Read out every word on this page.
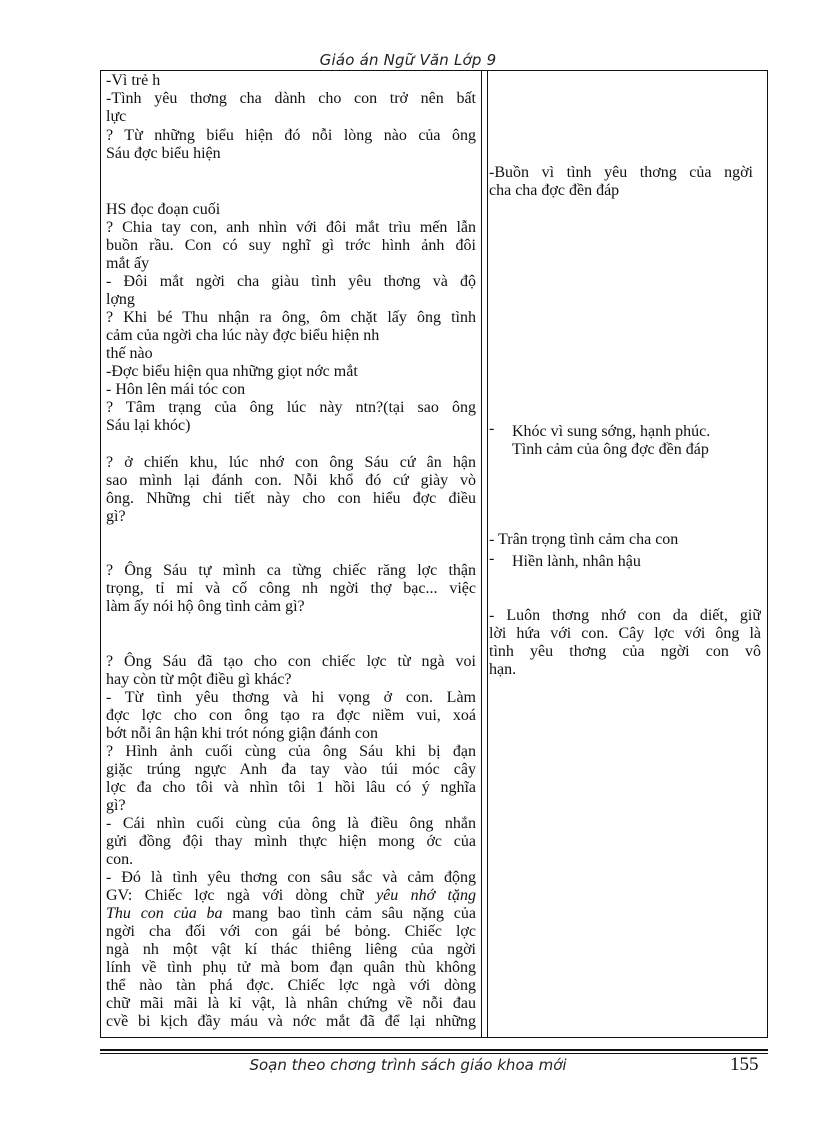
Giáo án Ngữ Văn Lớp 9
-Vì trẻ h
-Tình yêu thơng cha dành cho con trở nên bất
lực
? Từ những biểu hiện đó nỗi lòng nào của ông
Sáu đợc biểu hiện
HS đọc đoạn cuối
? Chia tay con, anh nhìn với đôi mắt trìu mến lẫn
buồn rầu. Con có suy nghĩ gì trớc hình ảnh đôi
mắt ấy
- Đôi mắt ngời cha giàu tình yêu thơng và độ
lợng
? Khi bé Thu nhận ra ông, ôm chặt lấy ông tình
cảm của ngời cha lúc này đợc biểu hiện nh
thế nào
-Đợc biểu hiện qua những giọt nớc mắt
- Hôn lên mái tóc con
? Tâm trạng của ông lúc này ntn?(tại sao ông
Sáu lại khóc)
? ở chiến khu, lúc nhớ con ông Sáu cứ ân hận
sao mình lại đánh con. Nỗi khổ đó cứ giày vò
ông. Những chi tiết này cho con hiểu đợc điều
gì?
? Ông Sáu tự mình ca từng chiếc răng lợc thận
trọng, tỉ mỉ và cố công nh ngời thợ bạc... việc
làm ấy nói hộ ông tình cảm gì?
? Ông Sáu đã tạo cho con chiếc lợc từ ngà voi
hay còn từ một điều gì khác?
- Từ tình yêu thơng và hi vọng ở con. Làm
đợc lợc cho con ông tạo ra đợc niềm vui, xoá
bớt nỗi ân hận khi trót nóng giận đánh con
? Hình ảnh cuối cùng của ông Sáu khi bị đạn
giặc trúng ngực Anh đa tay vào túi móc cây
lợc đa cho tôi và nhìn tôi 1 hồi lâu có ý nghĩa
gì?
- Cái nhìn cuối cùng của ông là điều ông nhắn
gửi đồng đội thay mình thực hiện mong ớc của
con.
- Đó là tình yêu thơng con sâu sắc và cảm động
GV: Chiếc lợc ngà với dòng chữ yêu nhớ tặng
Thu con của ba mang bao tình cảm sâu nặng của
ngời cha đối với con gái bé bỏng. Chiếc lợc
ngà nh một vật kí thác thiêng liêng của ngời
lính về tình phụ tử mà bom đạn quân thù không
thể nào tàn phá đợc. Chiếc lợc ngà với dòng
chữ mãi mãi là kỉ vật, là nhân chứng về nỗi đau
cvề bi kịch đầy máu và nớc mắt đã để lại những
-Buồn vì tình yêu thơng của ngời
cha cha đợc đền đáp
- Khóc vì sung sớng, hạnh phúc.
Tình cảm của ông đợc đền đáp
- Trân trọng tình cảm cha con
- Hiền lành, nhân hậu
- Luôn thơng nhớ con da diết, giữ
lời hứa với con. Cây lợc với ông là
tình yêu thơng của ngời con vô
hạn.
Soạn theo chơng trình sách giáo khoa mới	155
